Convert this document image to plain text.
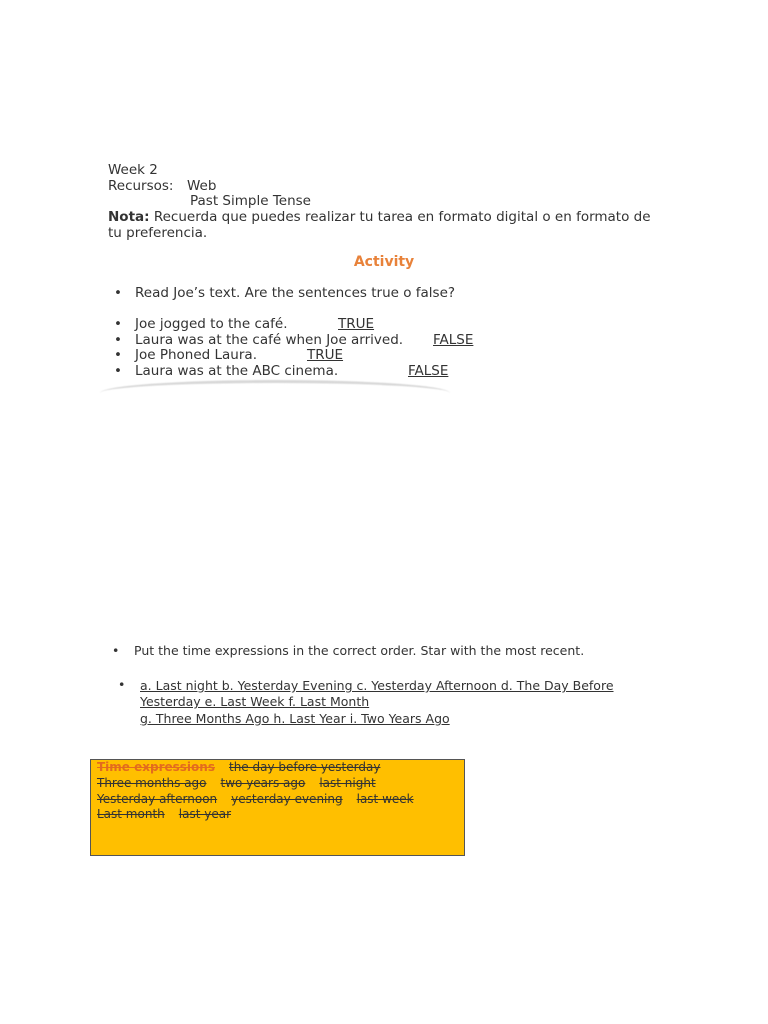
Week 2
Recursos: Web
Past Simple Tense
Nota: Recuerda que puedes realizar tu tarea en formato digital o en formato de
tu preferencia.
Activity
• Read Joe’s text. Are the sentences true o false?
• Joe jogged to the café.	TRUE
• Laura was at the café when Joe arrived. FALSE
• Joe Phoned Laura.	TRUE
• Laura was at the ABC cinema.	FALSE
• Put the time expressions in the correct order. Star with the most recent.
• a. Last night b. Yesterday Evening c. Yesterday Afternoon d. The Day Before
Yesterday e. Last Week f. Last Month
g. Three Months Ago h. Last Year i. Two Years Ago
Time expressions the day before yesterday
Three months ago two years ago last night
Yesterday afternoon yesterday evening last week
Last month last year
